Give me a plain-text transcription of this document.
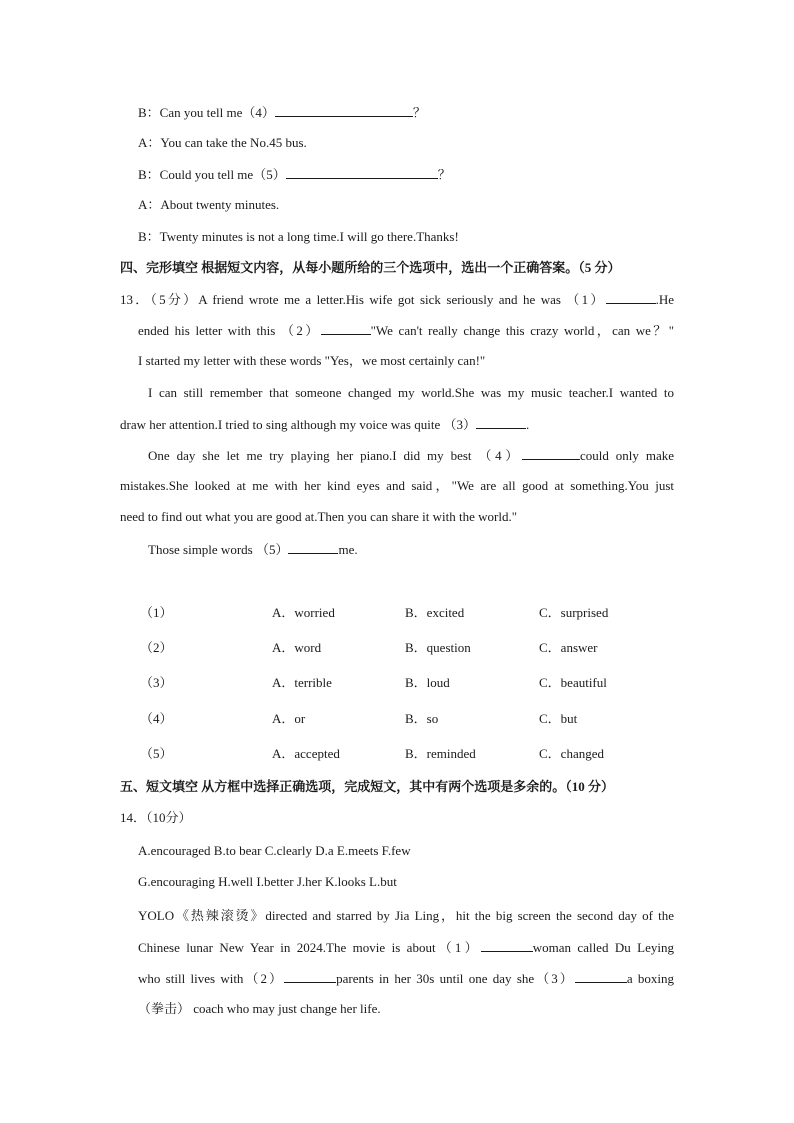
B：Can you tell me（4）	？
A：You can take the No.45 bus.
B：Could you tell me（5）	？
A：About twenty minutes.
B：Twenty minutes is not a long time.I will go there.Thanks!
四、完形填空 根据短文内容，从每小题所给的三个选项中，选出一个正确答案。（5 分）
13．（5分）A friend wrote me a letter.His wife got sick seriously and he was （1）	.He
ended his letter with this （2）	"We can't really change this crazy world，can we？"
I started my letter with these words "Yes，we most certainly can!"
I can still remember that someone changed my world.She was my music teacher.I wanted to
draw her attention.I tried to sing although my voice was quite （3）	.
One day she let me try playing her piano.I did my best （4）	could only make
mistakes.She looked at me with her kind eyes and said，"We are all good at something.You just
need to find out what you are good at.Then you can share it with the world."
Those simple words （5）	me.
（1）	A．worried	B．excited	C．surprised
（2）	A．word	B．question	C．answer
（3）	A．terrible	B．loud	C．beautiful
（4）	A．or	B．so	C．but
（5）	A．accepted	B．reminded	C．changed
五、短文填空 从方框中选择正确选项，完成短文，其中有两个选项是多余的。（10 分）
14．（10分）
A.encouraged B.to bear C.clearly D.a E.meets F.few
G.encouraging H.well I.better J.her K.looks L.but
YOLO《热辣滚烫》directed and starred by Jia Ling，hit the big screen the second day of the
Chinese lunar New Year in 2024.The movie is about（1）	woman called Du Leying
who still lives with（2）	parents in her 30s until one day she（3）	a boxing
（拳击） coach who may just change her life.
